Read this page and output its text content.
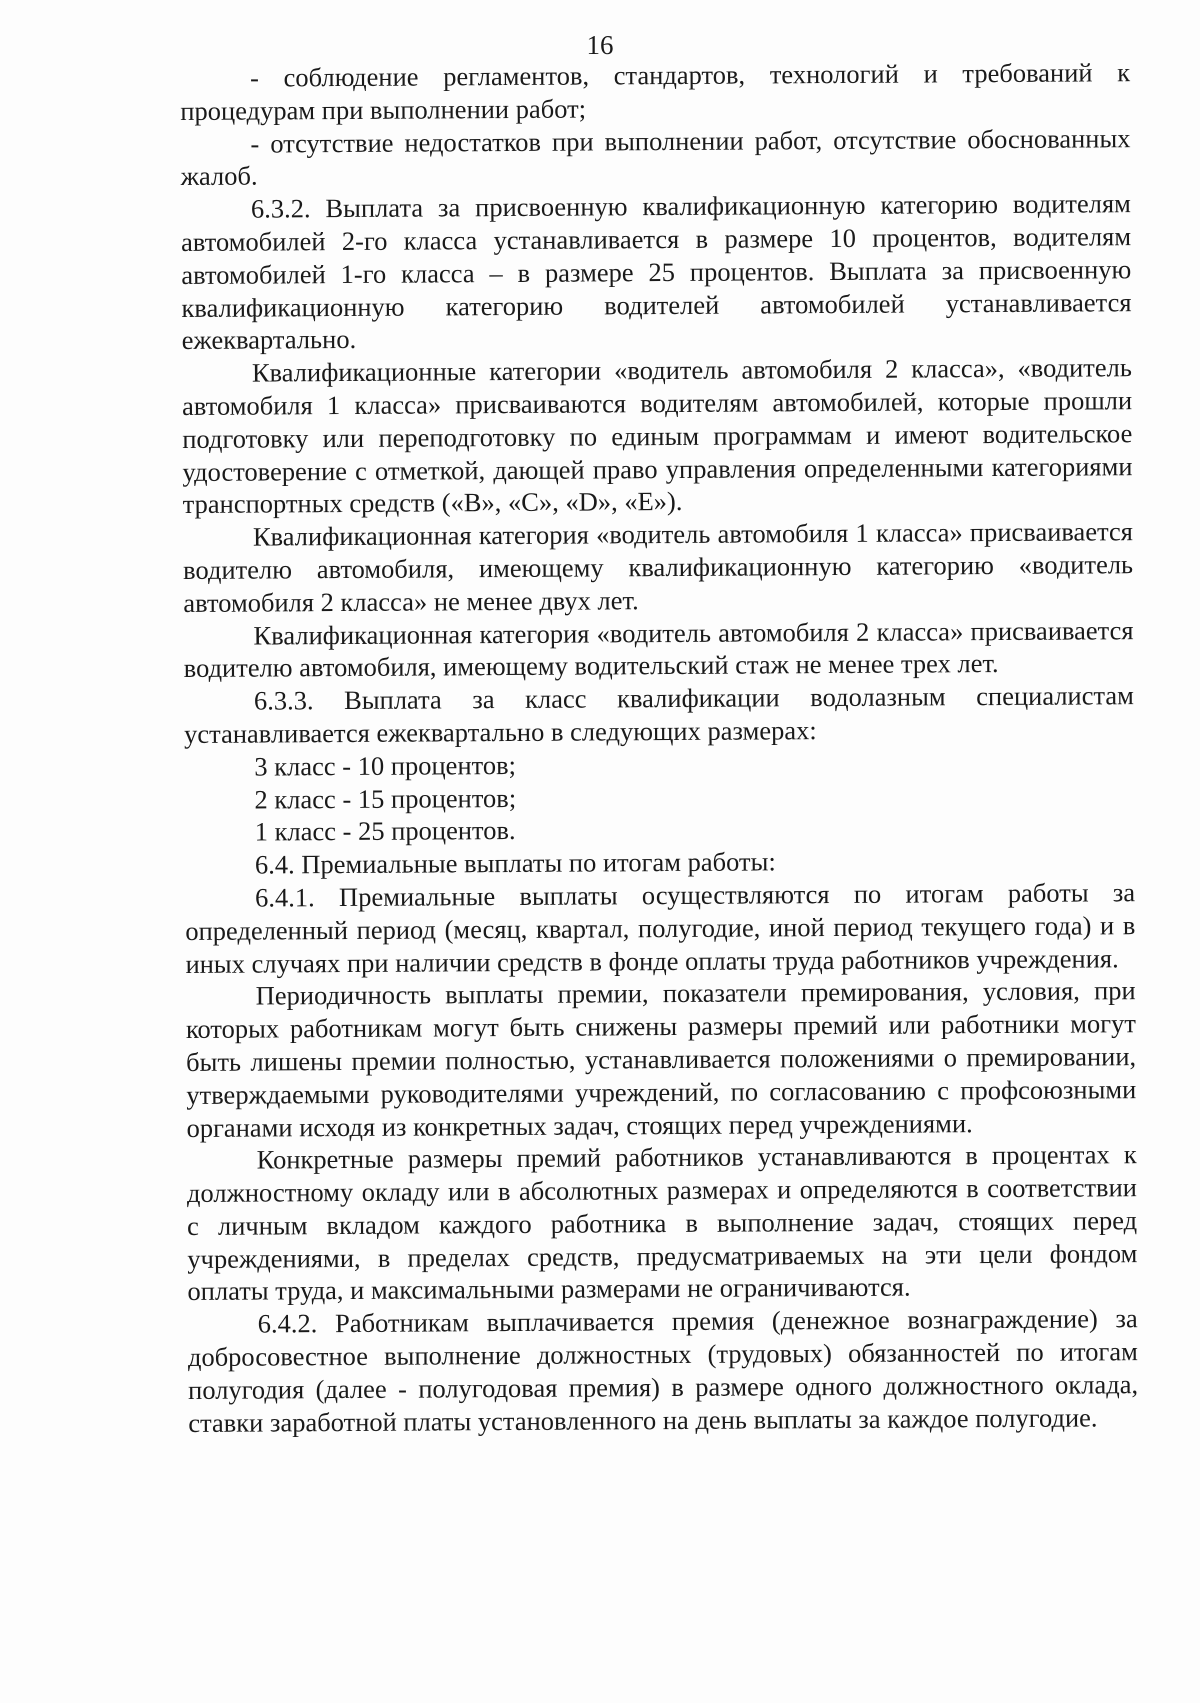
16

- соблюдение регламентов, стандартов, технологий и требований к процедурам при выполнении работ;

- отсутствие недостатков при выполнении работ, отсутствие обоснованных жалоб.

6.3.2. Выплата за присвоенную квалификационную категорию водителям автомобилей 2-го класса устанавливается в размере 10 процентов, водителям автомобилей 1-го класса – в размере 25 процентов. Выплата за присвоенную квалификационную категорию водителей автомобилей устанавливается ежеквартально.

Квалификационные категории «водитель автомобиля 2 класса», «водитель автомобиля 1 класса» присваиваются водителям автомобилей, которые прошли подготовку или переподготовку по единым программам и имеют водительское удостоверение с отметкой, дающей право управления определенными категориями транспортных средств («В», «С», «D», «Е»).

Квалификационная категория «водитель автомобиля 1 класса» присваивается водителю автомобиля, имеющему квалификационную категорию «водитель автомобиля 2 класса» не менее двух лет.

Квалификационная категория «водитель автомобиля 2 класса» присваивается водителю автомобиля, имеющему водительский стаж не менее трех лет.

6.3.3. Выплата за класс квалификации водолазным специалистам устанавливается ежеквартально в следующих размерах:

3 класс - 10 процентов;

2 класс - 15 процентов;

1 класс - 25 процентов.

6.4. Премиальные выплаты по итогам работы:

6.4.1. Премиальные выплаты осуществляются по итогам работы за определенный период (месяц, квартал, полугодие, иной период текущего года) и в иных случаях при наличии средств в фонде оплаты труда работников учреждения.

Периодичность выплаты премии, показатели премирования, условия, при которых работникам могут быть снижены размеры премий или работники могут быть лишены премии полностью, устанавливается положениями о премировании, утверждаемыми руководителями учреждений, по согласованию с профсоюзными органами исходя из конкретных задач, стоящих перед учреждениями.

Конкретные размеры премий работников устанавливаются в процентах к должностному окладу или в абсолютных размерах и определяются в соответствии с личным вкладом каждого работника в выполнение задач, стоящих перед учреждениями, в пределах средств, предусматриваемых на эти цели фондом оплаты труда, и максимальными размерами не ограничиваются.

6.4.2. Работникам выплачивается премия (денежное вознаграждение) за добросовестное выполнение должностных (трудовых) обязанностей по итогам полугодия (далее - полугодовая премия) в размере одного должностного оклада, ставки заработной платы установленного на день выплаты за каждое полугодие.
